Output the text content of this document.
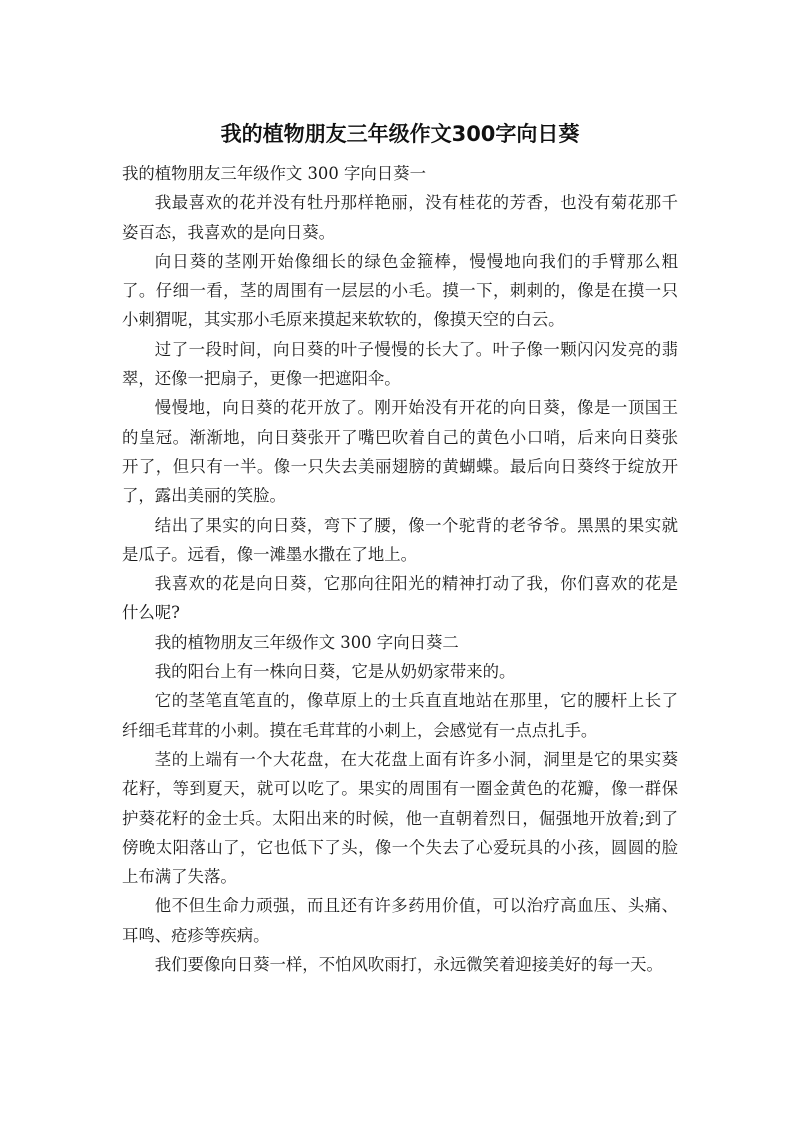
我的植物朋友三年级作文300字向日葵

我的植物朋友三年级作文 300 字向日葵一

我最喜欢的花并没有牡丹那样艳丽，没有桂花的芳香，也没有菊花那千姿百态，我喜欢的是向日葵。

向日葵的茎刚开始像细长的绿色金箍棒，慢慢地向我们的手臂那么粗了。仔细一看，茎的周围有一层层的小毛。摸一下，刺刺的，像是在摸一只小刺猬呢，其实那小毛原来摸起来软软的，像摸天空的白云。

过了一段时间，向日葵的叶子慢慢的长大了。叶子像一颗闪闪发亮的翡翠，还像一把扇子，更像一把遮阳伞。

慢慢地，向日葵的花开放了。刚开始没有开花的向日葵，像是一顶国王的皇冠。渐渐地，向日葵张开了嘴巴吹着自己的黄色小口哨，后来向日葵张开了，但只有一半。像一只失去美丽翅膀的黄蝴蝶。最后向日葵终于绽放开了，露出美丽的笑脸。

结出了果实的向日葵，弯下了腰，像一个驼背的老爷爷。黑黑的果实就是瓜子。远看，像一滩墨水撒在了地上。

我喜欢的花是向日葵，它那向往阳光的精神打动了我，你们喜欢的花是什么呢?

我的植物朋友三年级作文 300 字向日葵二

我的阳台上有一株向日葵，它是从奶奶家带来的。

它的茎笔直笔直的，像草原上的士兵直直地站在那里，它的腰杆上长了纤细毛茸茸的小刺。摸在毛茸茸的小刺上，会感觉有一点点扎手。

茎的上端有一个大花盘，在大花盘上面有许多小洞，洞里是它的果实葵花籽，等到夏天，就可以吃了。果实的周围有一圈金黄色的花瓣，像一群保护葵花籽的金士兵。太阳出来的时候，他一直朝着烈日，倔强地开放着;到了傍晚太阳落山了，它也低下了头，像一个失去了心爱玩具的小孩，圆圆的脸上布满了失落。

他不但生命力顽强，而且还有许多药用价值，可以治疗高血压、头痛、耳鸣、疮疹等疾病。

我们要像向日葵一样，不怕风吹雨打，永远微笑着迎接美好的每一天。
